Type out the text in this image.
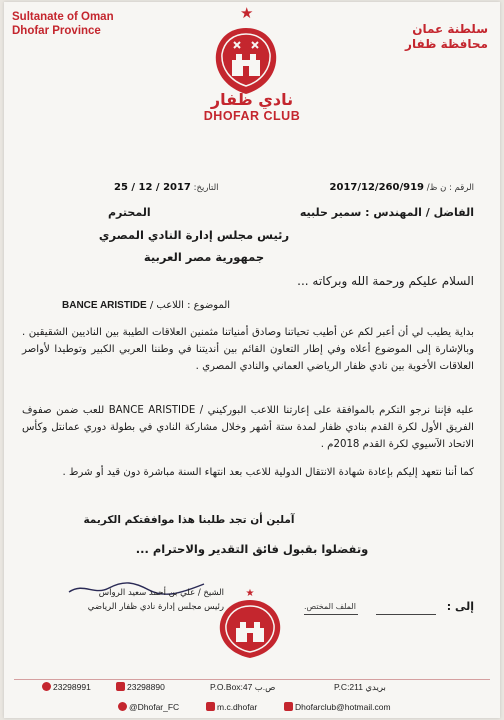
Sultanate of Oman
Dhofar Province	سلطنة عمان
محافظة ظفار
★
نادي ظفار
DHOFAR CLUB
الرقم : ن ظ/ 2017/12/260/919
التاريخ: 25 / 12 / 2017
الفاضل / المهندس : سمير حلبيه
المحترم
رئيس مجلس إدارة النادي المصري
جمهورية مصر العربية
السلام عليكم ورحمة الله وبركاته ...
الموضوع : اللاعب / BANCE ARISTIDE
بداية يطيب لي أن أعبر لكم عن أطيب تحياتنا وصادق أمنياتنا مثمنين العلاقات الطيبة بين الناديين الشقيقين . وبالإشارة إلى الموضوع أعلاه وفي إطار التعاون القائم بين أنديتنا في وطننا العربي الكبير وتوطيدا لأواصر العلاقات الأخوية بين نادي ظفار الرياضي العماني والنادي المصري .
عليه فإننا نرجو التكرم بالموافقة على إعارتنا اللاعب البوركيني / BANCE ARISTIDE للعب ضمن صفوف الفريق الأول لكرة القدم بنادي ظفار لمدة ستة أشهر وخلال مشاركة النادي في بطولة دوري عمانتل وكأس الاتحاد الآسيوي لكرة القدم 2018م .
كما أننا نتعهد إليكم بإعادة شهادة الانتقال الدولية للاعب بعد انتهاء السنة مباشرة دون قيد أو شرط .
آملين أن تجد طلبنا هذا موافقتكم الكريمة
وتفضلوا بقبول فائق التقدير والاحترام ...
الشيخ / علي بن أحمد سعيد الرواس
رئيس مجلس إدارة نادي ظفار الرياضي
★
الملف المختص.	إلى :
23298991	23298890	P.O.Box:47 ص.ب	P.C:211 بريدي
@Dhofar_FC	m.c.dhofar	Dhofarclub@hotmail.com
